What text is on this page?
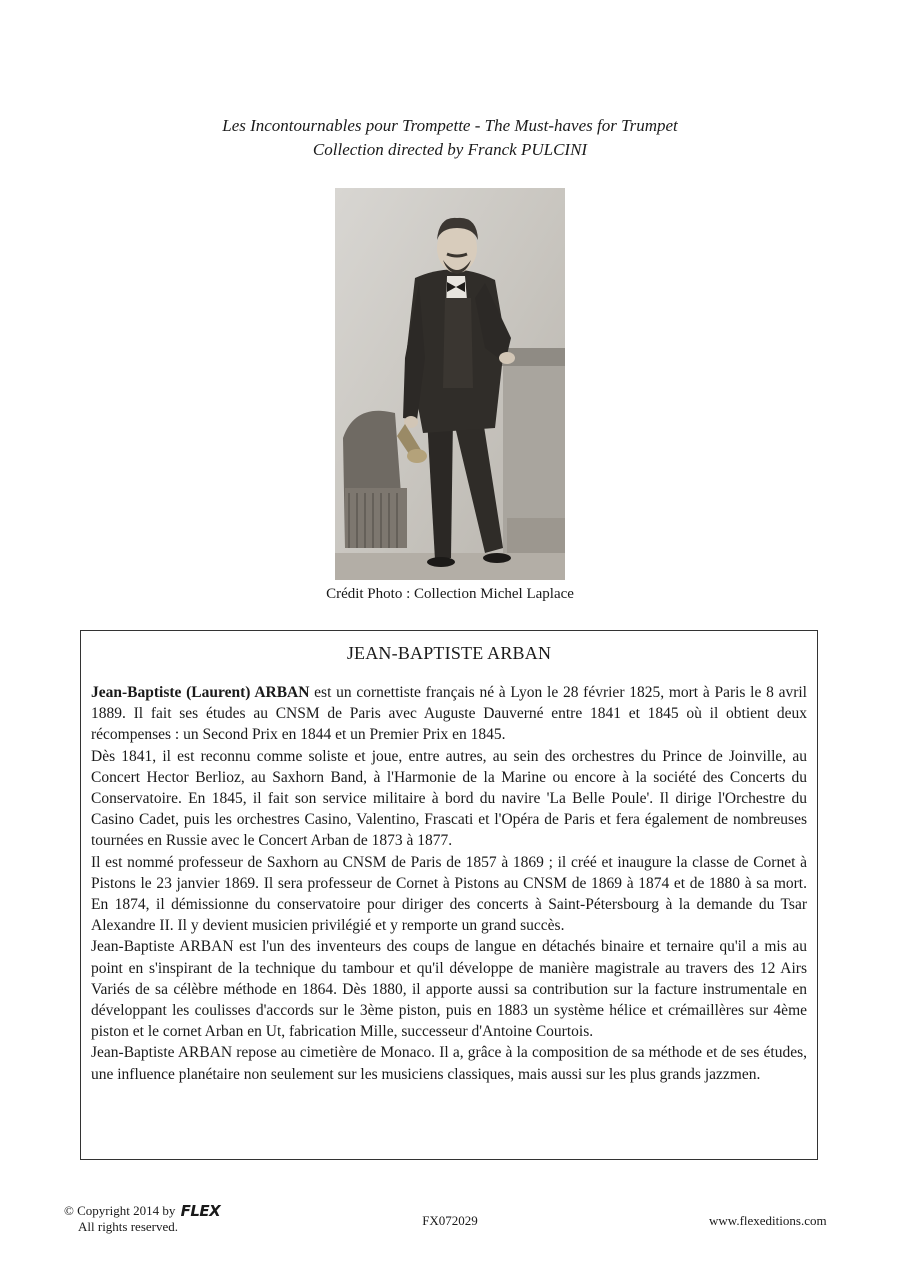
Les Incontournables pour Trompette - The Must-haves for Trumpet
Collection directed by Franck PULCINI
Crédit Photo : Collection Michel Laplace
JEAN-BAPTISTE ARBAN

Jean-Baptiste (Laurent) ARBAN est un cornettiste français né à Lyon le 28 février 1825, mort à Paris le 8 avril 1889. Il fait ses études au CNSM de Paris avec Auguste Dauverné entre 1841 et 1845 où il obtient deux récompenses : un Second Prix en 1844 et un Premier Prix en 1845.

Dès 1841, il est reconnu comme soliste et joue, entre autres, au sein des orchestres du Prince de Joinville, au Concert Hector Berlioz, au Saxhorn Band, à l'Harmonie de la Marine ou encore à la société des Concerts du Conservatoire. En 1845, il fait son service militaire à bord du navire 'La Belle Poule'. Il dirige l'Orchestre du Casino Cadet, puis les orchestres Casino, Valentino, Frascati et l'Opéra de Paris et fera également de nombreuses tournées en Russie avec le Concert Arban de 1873 à 1877.

Il est nommé professeur de Saxhorn au CNSM de Paris de 1857 à 1869 ; il créé et inaugure la classe de Cornet à Pistons le 23 janvier 1869. Il sera professeur de Cornet à Pistons au CNSM de 1869 à 1874 et de 1880 à sa mort. En 1874, il démissionne du conservatoire pour diriger des concerts à Saint-Pétersbourg à la demande du Tsar Alexandre II. Il y devient musicien privilégié et y remporte un grand succès.

Jean-Baptiste ARBAN est l'un des inventeurs des coups de langue en détachés binaire et ternaire qu'il a mis au point en s'inspirant de la technique du tambour et qu'il développe de manière magistrale au travers des 12 Airs Variés de sa célèbre méthode en 1864. Dès 1880, il apporte aussi sa contribution sur la facture instrumentale en développant les coulisses d'accords sur le 3ème piston, puis en 1883 un système hélice et crémaillères sur 4ème piston et le cornet Arban en Ut, fabrication Mille, successeur d'Antoine Courtois.

Jean-Baptiste ARBAN repose au cimetière de Monaco. Il a, grâce à la composition de sa méthode et de ses études, une influence planétaire non seulement sur les musiciens classiques, mais aussi sur les plus grands jazzmen.

© Copyright 2014 by FLEX
All rights reserved.	FX072029	www.flexeditions.com
